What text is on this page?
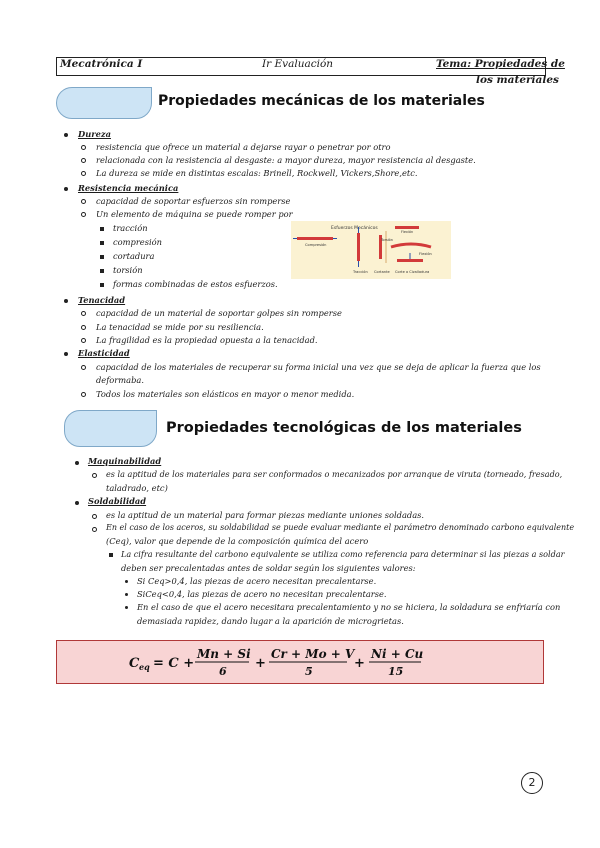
Mecatrónica I	Ir Evaluación	Tema: Propiedades de
los materiales
Propiedades mecánicas de los materiales
Dureza
resistencia que ofrece un material a dejarse rayar o penetrar por otro
relacionada con la resistencia al desgaste: a mayor dureza, mayor resistencia al desgaste.
La dureza se mide en distintas escalas: Brinell, Rockwell, Vickers,Shore,etc.
Resistencia mecánica
capacidad de soportar esfuerzos sin romperse
Un elemento de máquina se puede romper por
tracción
compresión
cortadura
torsión
formas combinadas de estos esfuerzos.
Esfuerzos Mecánicos
Compresión
Tracción Cortante
Flexión
Flexión
Torsión
Corte o Cizalladura
Tenacidad
capacidad de un material de soportar golpes sin romperse
La tenacidad se mide por su resiliencia.
La fragilidad es la propiedad opuesta a la tenacidad.
Elasticidad
capacidad de los materiales de recuperar su forma inicial una vez que se deja de aplicar la fuerza que los
deformaba.
Todos los materiales son elásticos en mayor o menor medida.
Propiedades tecnológicas de los materiales
Maquinabilidad
es la aptitud de los materiales para ser conformados o mecanizados por arranque de viruta (torneado, fresado,
taladrado, etc)
Soldabilidad
es la aptitud de un material para formar piezas mediante uniones soldadas.
En el caso de los aceros, su soldabilidad se puede evaluar mediante el parámetro denominado carbono equivalente
(Ceq), valor que depende de la composición química del acero
La cifra resultante del carbono equivalente se utiliza como referencia para determinar si las piezas a soldar
deben ser precalentadas antes de soldar según los siguientes valores:
Si Ceq>0,4, las piezas de acero necesitan precalentarse.
SiCeq<0,4, las piezas de acero no necesitan precalentarse.
En el caso de que el acero necesitara precalentamiento y no se hiciera, la soldadura se enfriaría con
demasiada rapidez, dando lugar a la aparición de microgrietas.
C eq = C +
Mn + Si
6
+
Cr + Mo + V
5
+
Ni + Cu
15
2
